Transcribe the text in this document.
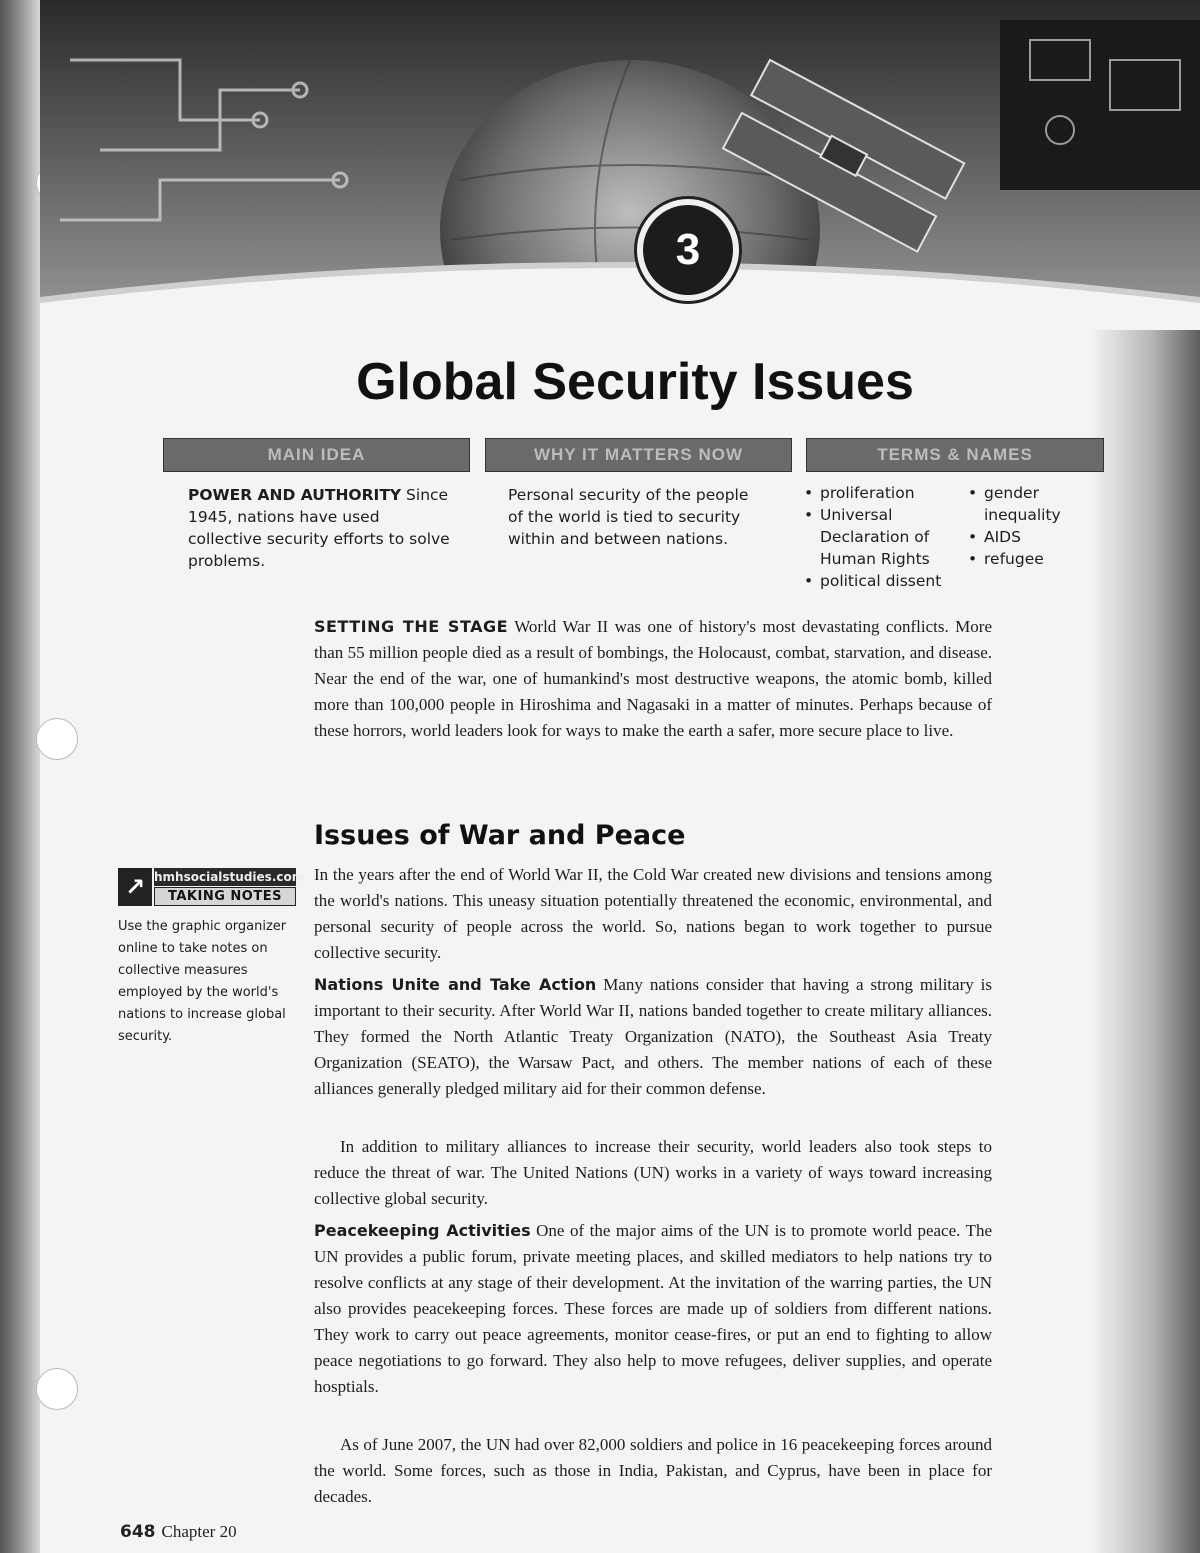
3
Global Security Issues
MAIN IDEA	WHY IT MATTERS NOW	TERMS & NAMES
POWER AND AUTHORITY Since 1945, nations have used collective security efforts to solve problems.
Personal security of the people of the world is tied to security within and between nations.
• proliferation
• Universal Declaration of Human Rights
• political dissent
• gender inequality
• AIDS
• refugee

SETTING THE STAGE World War II was one of history's most devastating conflicts. More than 55 million people died as a result of bombings, the Holocaust, combat, starvation, and disease. Near the end of the war, one of humankind's most destructive weapons, the atomic bomb, killed more than 100,000 people in Hiroshima and Nagasaki in a matter of minutes. Perhaps because of these horrors, world leaders look for ways to make the earth a safer, more secure place to live.

Issues of War and Peace
↗ hmhsocialstudies.com
TAKING NOTES

Use the graphic organizer online to take notes on collective measures employed by the world's nations to increase global security.

In the years after the end of World War II, the Cold War created new divisions and tensions among the world's nations. This uneasy situation potentially threatened the economic, environmental, and personal security of people across the world. So, nations began to work together to pursue collective security.

Nations Unite and Take Action Many nations consider that having a strong military is important to their security. After World War II, nations banded together to create military alliances. They formed the North Atlantic Treaty Organization (NATO), the Southeast Asia Treaty Organization (SEATO), the Warsaw Pact, and others. The member nations of each of these alliances generally pledged military aid for their common defense.

In addition to military alliances to increase their security, world leaders also took steps to reduce the threat of war. The United Nations (UN) works in a variety of ways toward increasing collective global security.

Peacekeeping Activities One of the major aims of the UN is to promote world peace. The UN provides a public forum, private meeting places, and skilled mediators to help nations try to resolve conflicts at any stage of their development. At the invitation of the warring parties, the UN also provides peacekeeping forces. These forces are made up of soldiers from different nations. They work to carry out peace agreements, monitor cease-fires, or put an end to fighting to allow peace negotiations to go forward. They also help to move refugees, deliver supplies, and operate hosptials.

As of June 2007, the UN had over 82,000 soldiers and police in 16 peacekeeping forces around the world. Some forces, such as those in India, Pakistan, and Cyprus, have been in place for decades.

648 Chapter 20
